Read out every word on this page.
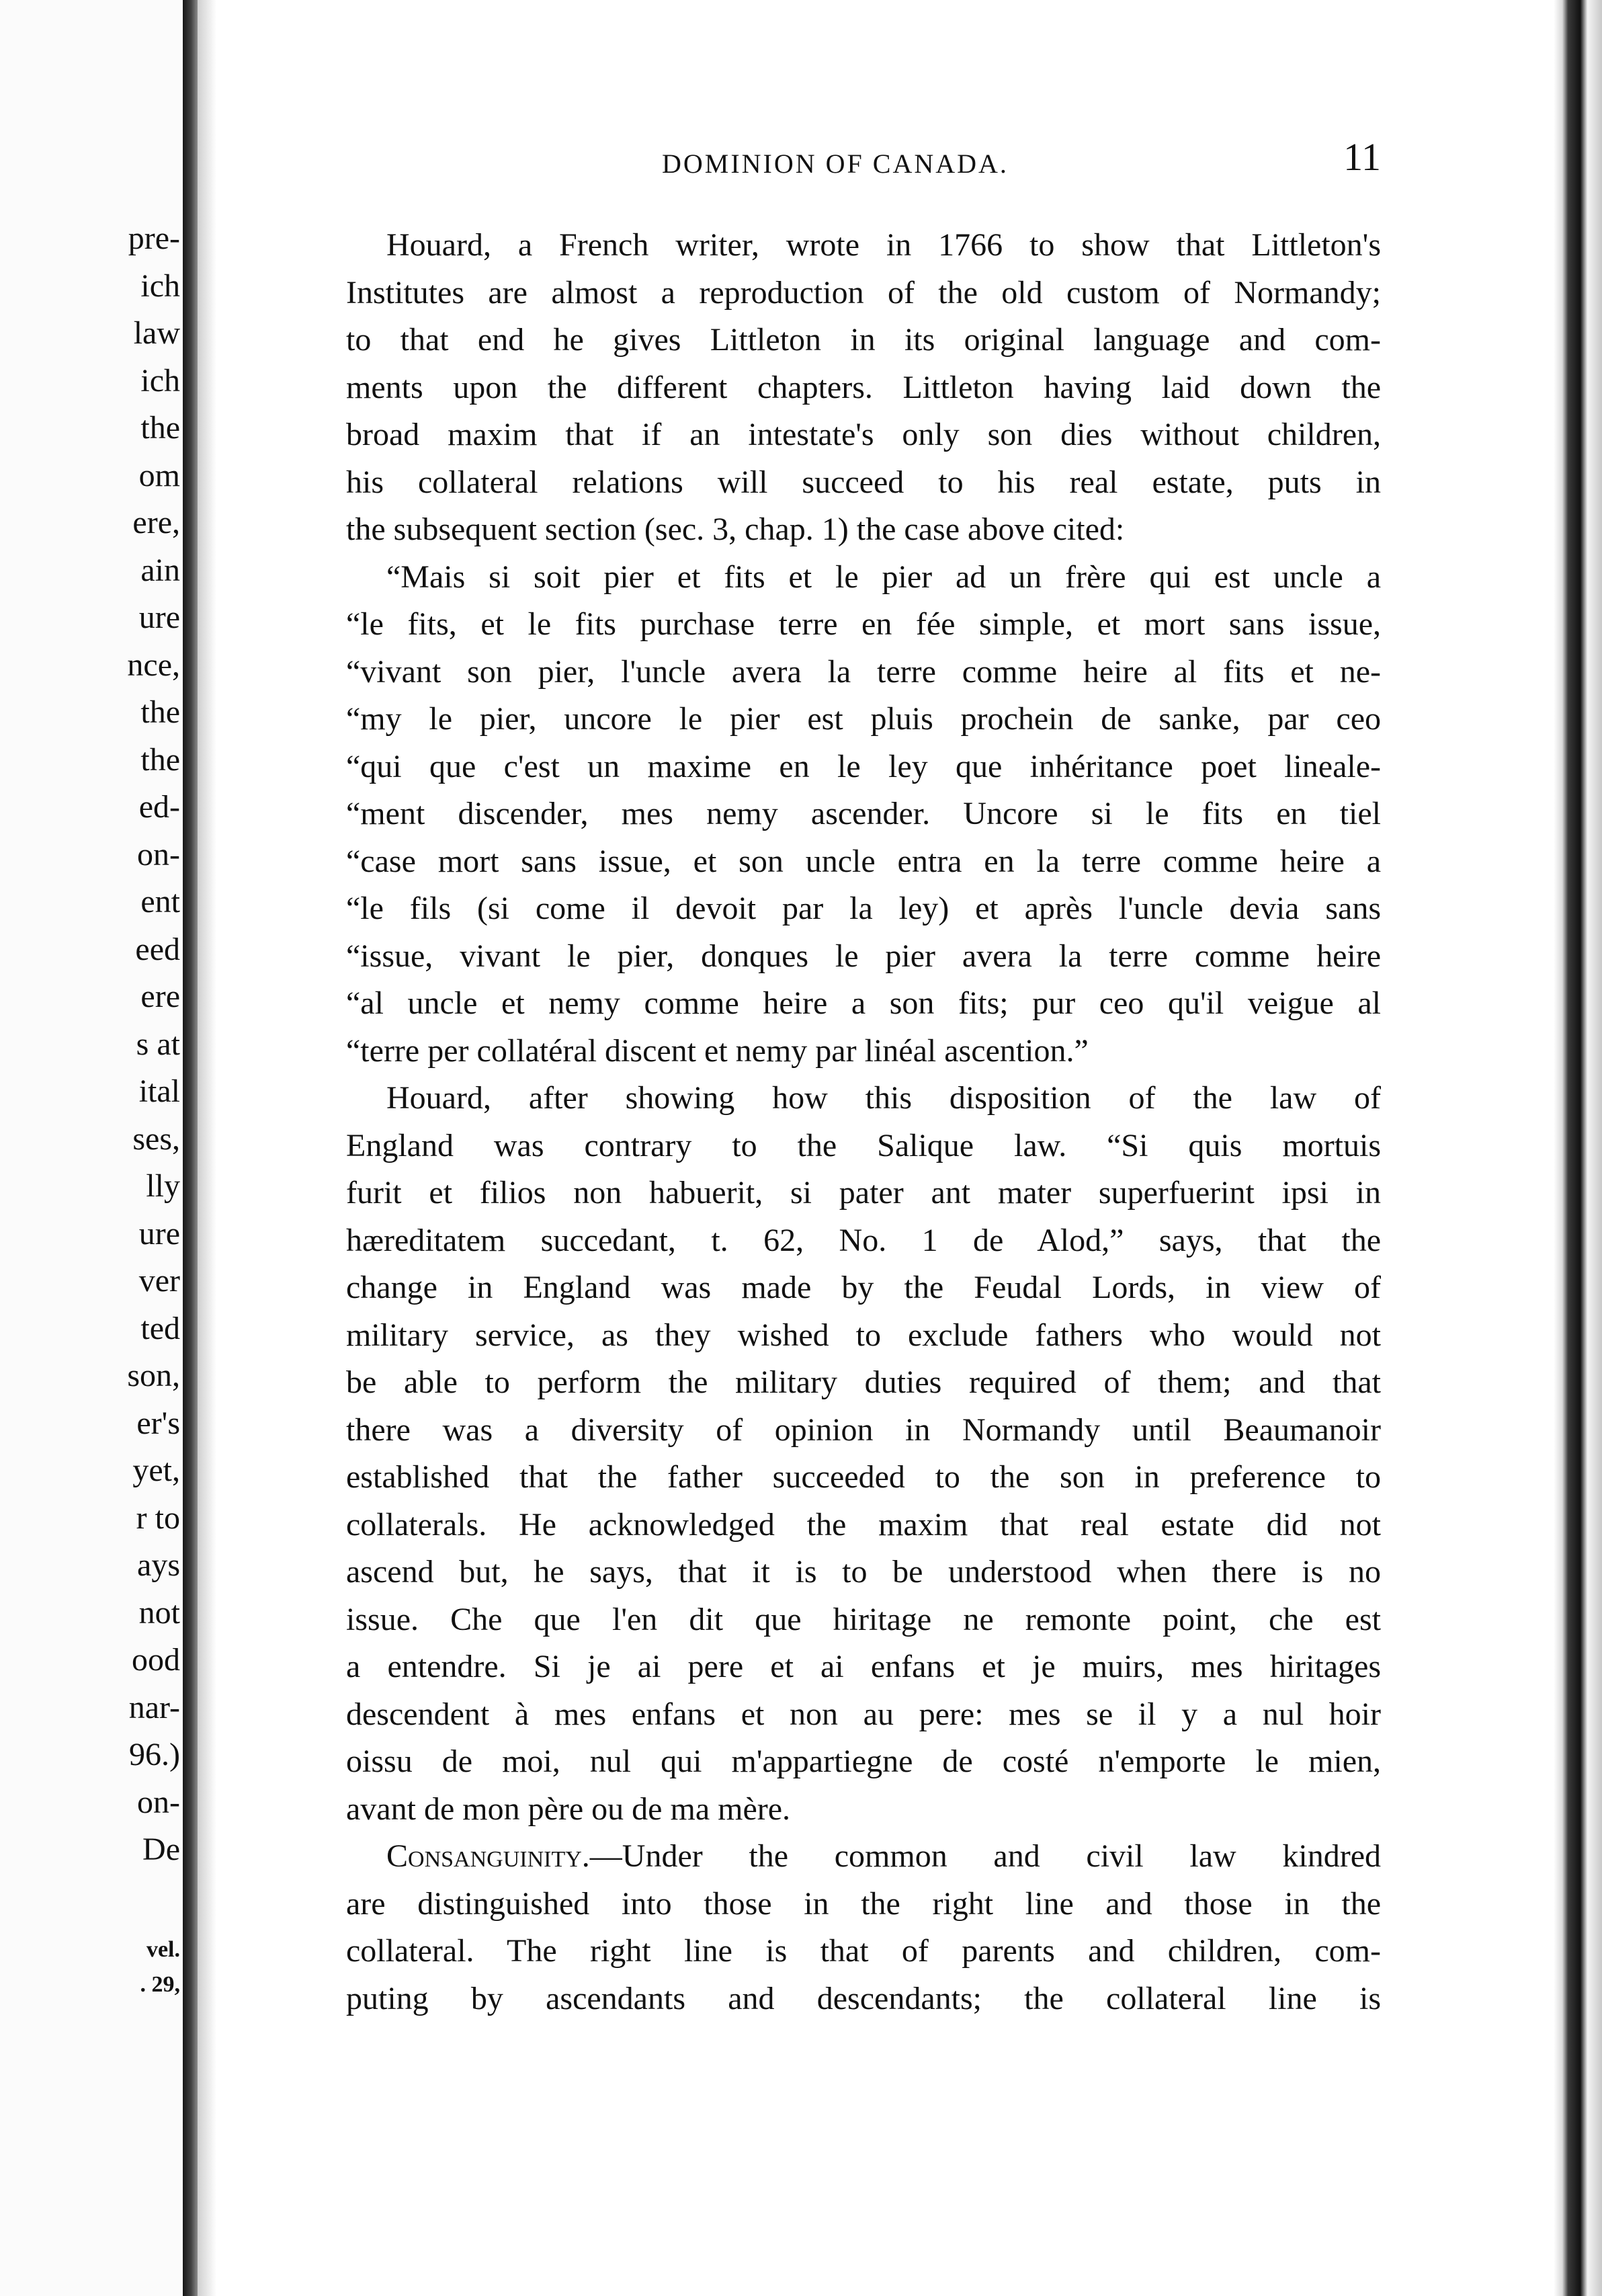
pre-
ich
law
ich
the
om
ere,
ain
ure
nce,
the
the
ed-
on-
ent
eed
ere
s at
ital
ses,
lly
ure
ver
ted
son,
er's
yet,
r to
ays
not
ood
nar-
96.)
on-
De
vel.
. 29,
DOMINION OF CANADA.	11
Houard, a French writer, wrote in 1766 to show that Littleton's
Institutes are almost a reproduction of the old custom of Normandy;
to that end he gives Littleton in its original language and com-
ments upon the different chapters. Littleton having laid down the
broad maxim that if an intestate's only son dies without children,
his collateral relations will succeed to his real estate, puts in
the subsequent section (sec. 3, chap. 1) the case above cited:
“Mais si soit pier et fits et le pier ad un frère qui est uncle a
“le fits, et le fits purchase terre en fée simple, et mort sans issue,
“vivant son pier, l'uncle avera la terre comme heire al fits et ne-
“my le pier, uncore le pier est pluis prochein de sanke, par ceo
“qui que c'est un maxime en le ley que inhéritance poet lineale-
“ment discender, mes nemy ascender. Uncore si le fits en tiel
“case mort sans issue, et son uncle entra en la terre comme heire a
“le fils (si come il devoit par la ley) et après l'uncle devia sans
“issue, vivant le pier, donques le pier avera la terre comme heire
“al uncle et nemy comme heire a son fits; pur ceo qu'il veigue al
“terre per collatéral discent et nemy par linéal ascention.”
Houard, after showing how this disposition of the law of
England was contrary to the Salique law. “Si quis mortuis
furit et filios non habuerit, si pater ant mater superfuerint ipsi in
hæreditatem succedant, t. 62, No. 1 de Alod,” says, that the
change in England was made by the Feudal Lords, in view of
military service, as they wished to exclude fathers who would not
be able to perform the military duties required of them; and that
there was a diversity of opinion in Normandy until Beaumanoir
established that the father succeeded to the son in preference to
collaterals. He acknowledged the maxim that real estate did not
ascend but, he says, that it is to be understood when there is no
issue. Che que l'en dit que hiritage ne remonte point, che est
a entendre. Si je ai pere et ai enfans et je muirs, mes hiritages
descendent à mes enfans et non au pere: mes se il y a nul hoir
oissu de moi, nul qui m'appartiegne de costé n'emporte le mien,
avant de mon père ou de ma mère.
Consanguinity.—Under the common and civil law kindred
are distinguished into those in the right line and those in the
collateral. The right line is that of parents and children, com-
puting by ascendants and descendants; the collateral line is
